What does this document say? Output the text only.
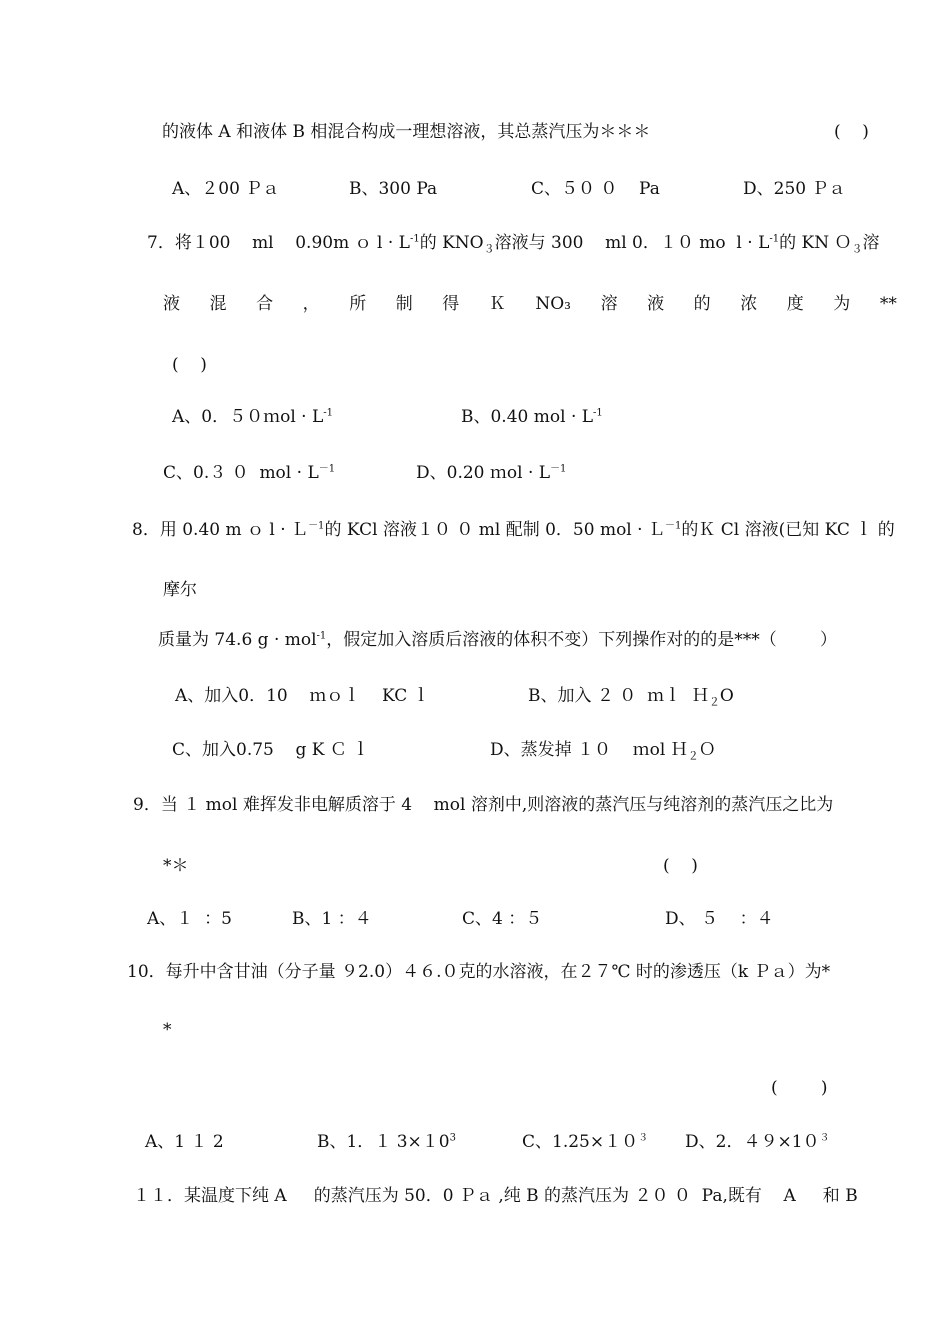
的液体 A 和液体 B 相混合构成一理想溶液，其总蒸汽压为＊＊＊	(    )
A、２00 Ｐａ	B、300 Pa	C、５０ ０    Pa	D、250 Ｐａ
7．将１00    ml    0.90m ｏ $l \cdot L^{-1}$的 $KNO_3$溶液与 300    ml 0．１０ mo  $l \cdot L^{-1}$的 KN Ｏ$_3$溶
液 混 合 ， 所 制 得 Ｋ NO₃ 溶 液 的 浓 度 为 **
(    )
A、0．５０ｍol · $L^{-1}$	B、0.40 mol · $L^{-1}$
C、0.３ ０  mol · $L^{-1}$	D、0.20 ｍol · $L^{-1}$
8．用 0.40 m ｏ l · Ｌ$^{-1}$的 KCl 溶液１０ ０ ml 配制 0．50 mol · Ｌ$^{-1}$的Ｋ Cl 溶液(已知 KC ｌ 的
摩尔
质量为 74.6 g · mol$^{-1}$，假定加入溶质后溶液的体积不变）下列操作对的的是***（        ）
A、加入0．10    ｍｏｌ    KC ｌ	B、加入 ２ ０  ｍｌ  Ｈ$_2$O
C、加入0.75    g K Ｃ ｌ	D、蒸发掉 １０    ｍol Ｈ$_2$Ｏ
9．当 １ mol 难挥发非电解质溶于 4    mol 溶剂中,则溶液的蒸汽压与纯溶剂的蒸汽压之比为
*＊	(    )
A、１  ：5	B、1 ：４	C、4 ：５	D、 ５    ：４
10．每升中含甘油（分子量 ９2.0）４６.０克的水溶液，在２７℃ 时的渗透压（k Ｐａ）为*
*
(        )
A、1 １ 2	B、1．１ $3\times 10^3$	C、$1.25\times 10^3$ D、2．$49\times 10^3$
１１．某温度下纯 A     的蒸汽压为 50．0 Ｐａ ,纯 B 的蒸汽压为 ２０ ０  Pa,既有    A     和 B
